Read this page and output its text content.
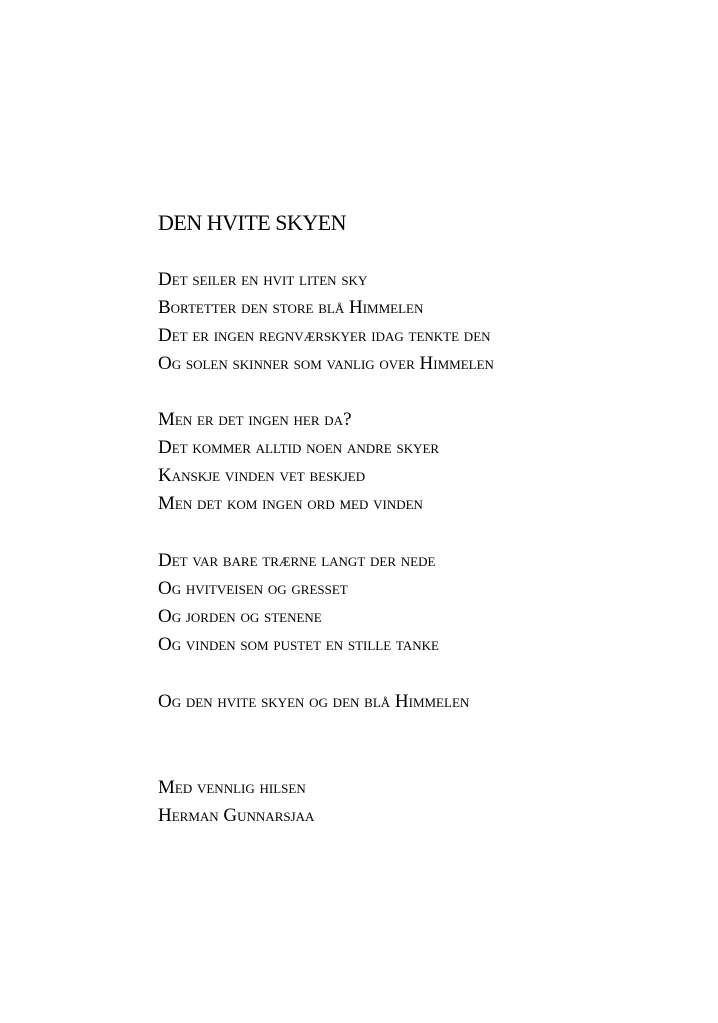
DEN HVITE SKYEN
Det seiler en hvit liten sky
Bortetter den store blå Himmelen
Det er ingen regnværskyer idag tenkte den
Og solen skinner som vanlig over Himmelen
Men er det ingen her da?
Det kommer alltid noen andre skyer
Kanskje vinden vet beskjed
Men det kom ingen ord med vinden
Det var bare trærne langt der nede
Og hvitveisen og gresset
Og jorden og stenene
Og vinden som pustet en stille tanke
Og den hvite skyen og den blå Himmelen
Med vennlig hilsen
Herman Gunnarsjaa
